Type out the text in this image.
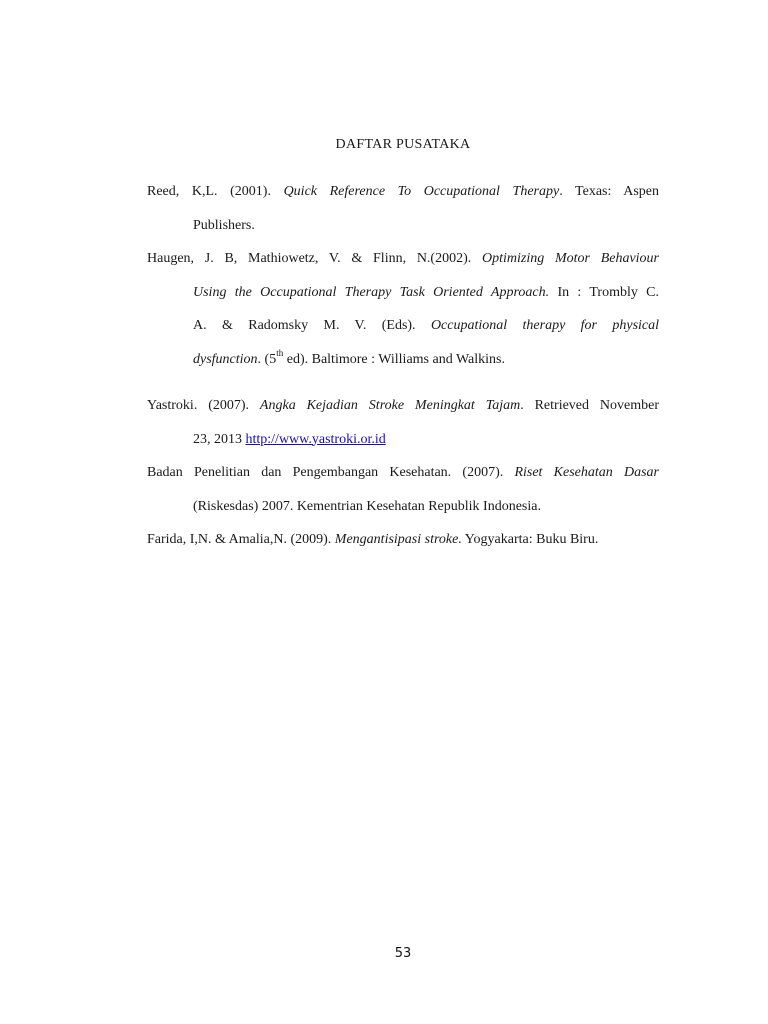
DAFTAR PUSATAKA
Reed, K,L. (2001). Quick Reference To Occupational Therapy. Texas: Aspen
Publishers.
Haugen, J. B, Mathiowetz, V. & Flinn, N.(2002). Optimizing Motor Behaviour
Using the Occupational Therapy Task Oriented Approach. In : Trombly C.
A. & Radomsky M. V. (Eds). Occupational therapy for physical
dysfunction. (5th ed). Baltimore : Williams and Walkins.
Yastroki. (2007). Angka Kejadian Stroke Meningkat Tajam. Retrieved November
23, 2013 http://www.yastroki.or.id
Badan Penelitian dan Pengembangan Kesehatan. (2007). Riset Kesehatan Dasar
(Riskesdas) 2007. Kementrian Kesehatan Republik Indonesia.
Farida, I,N. & Amalia,N. (2009). Mengantisipasi stroke. Yogyakarta: Buku Biru.
53
